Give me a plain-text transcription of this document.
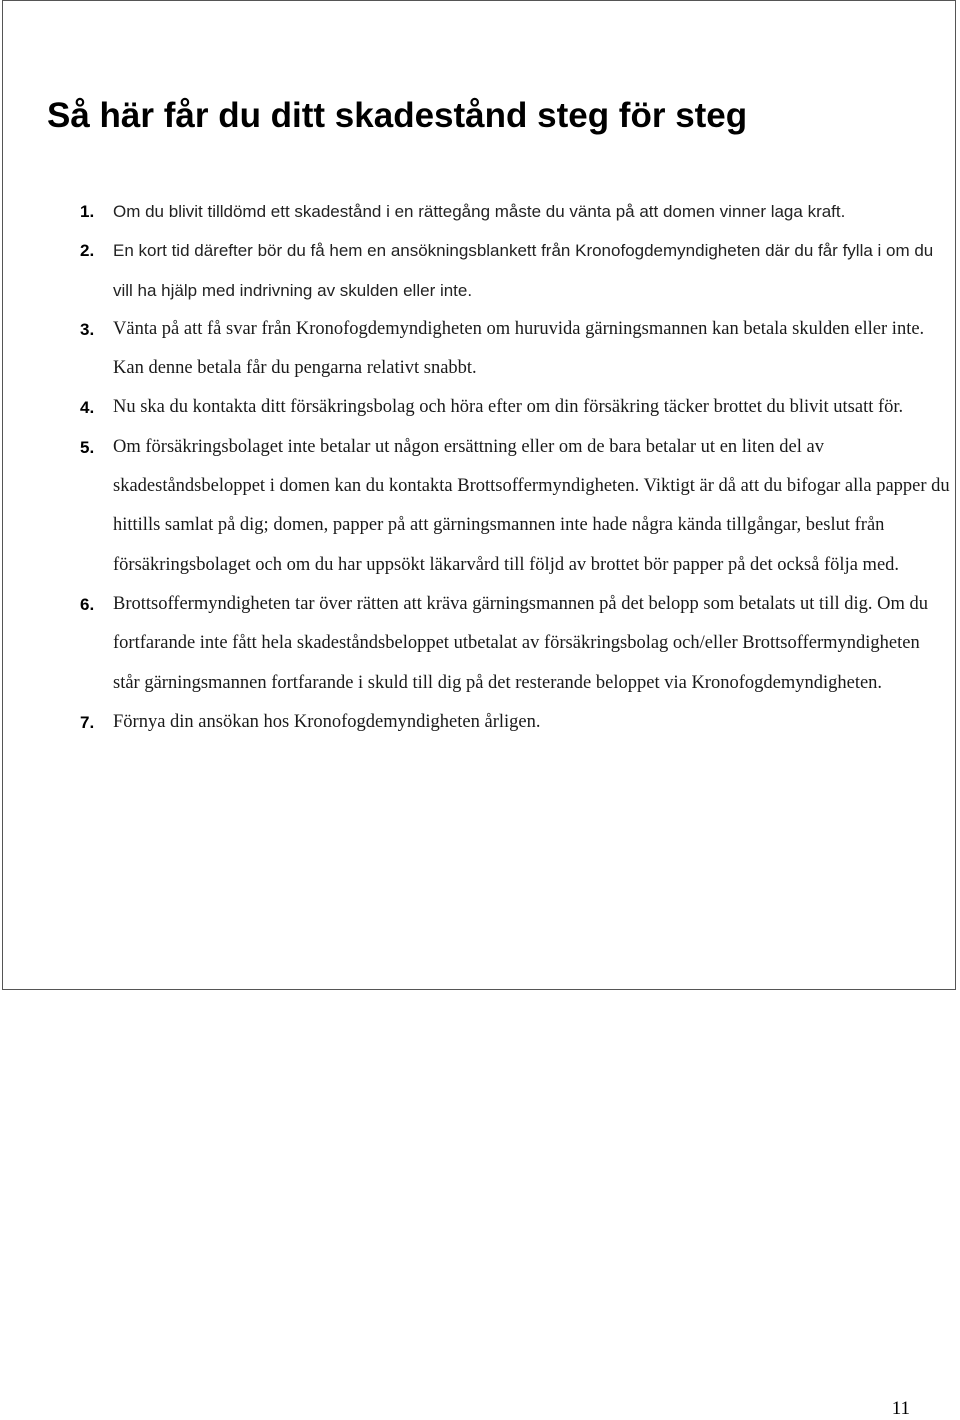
Så här får du ditt skadestånd steg för steg
1. Om du blivit tilldömd ett skadestånd i en rättegång måste du vänta på att domen vinner laga kraft.
2. En kort tid därefter bör du få hem en ansökningsblankett från Kronofogdemyndigheten där du får fylla i om du vill ha hjälp med indrivning av skulden eller inte.
3. Vänta på att få svar från Kronofogdemyndigheten om huruvida gärningsmannen kan betala skulden eller inte. Kan denne betala får du pengarna relativt snabbt.
4. Nu ska du kontakta ditt försäkringsbolag och höra efter om din försäkring täcker brottet du blivit utsatt för.
5. Om försäkringsbolaget inte betalar ut någon ersättning eller om de bara betalar ut en liten del av skadeståndsbeloppet i domen kan du kontakta Brottsoffermyndigheten. Viktigt är då att du bifogar alla papper du hittills samlat på dig; domen, papper på att gärningsmannen inte hade några kända tillgångar, beslut från försäkringsbolaget och om du har uppsökt läkarvård till följd av brottet bör papper på det också följa med.
6. Brottsoffermyndigheten tar över rätten att kräva gärningsmannen på det belopp som betalats ut till dig. Om du fortfarande inte fått hela skadeståndsbeloppet utbetalat av försäkringsbolag och/eller Brottsoffermyndigheten står gärningsmannen fortfarande i skuld till dig på det resterande beloppet via Kronofogdemyndigheten.
7. Förnya din ansökan hos Kronofogdemyndigheten årligen.
11
